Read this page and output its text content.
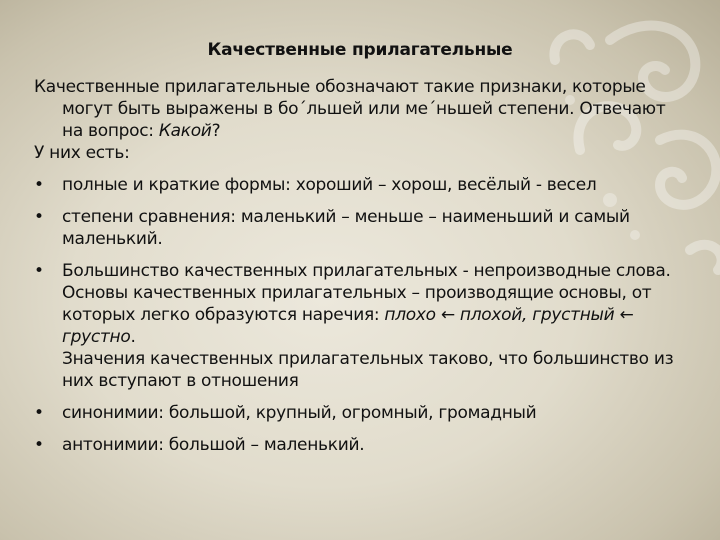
Качественные прилагательные

Качественные прилагательные обозначают такие признаки, которые могут быть выражены в бо´льшей или ме´ньшей степени. Отвечают на вопрос: Какой?
У них есть:

•	полные и краткие формы: хороший – хорош, весёлый - весел
•	степени сравнения: маленький – меньше – наименьший и самый маленький.
•	Большинство качественных прилагательных - непроизводные слова. Основы качественных прилагательных – производящие основы, от которых легко образуются наречия: плохо ← плохой, грустный ← грустно.
Значения качественных прилагательных таково, что большинство из них вступают в отношения
•	синонимии: большой, крупный, огромный, громадный
•	антонимии: большой – маленький.
